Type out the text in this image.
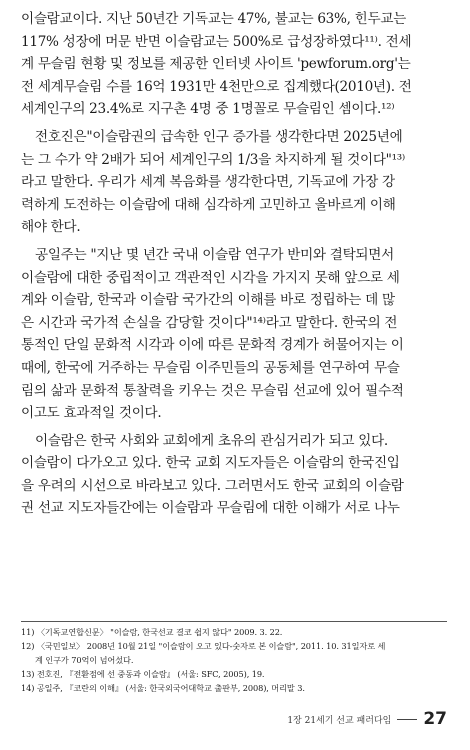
이슬람교이다. 지난 50년간 기독교는 47%, 불교는 63%, 힌두교는
117% 성장에 머문 반면 이슬람교는 500%로 급성장하였다¹¹⁾. 전세
계 무슬림 현황 및 정보를 제공한 인터넷 사이트 'pewforum.org'는
전 세계무슬림 수를 16억 1931만 4천만으로 집계했다(2010년). 전
세계인구의 23.4%로 지구촌 4명 중 1명꼴로 무슬림인 셈이다.¹²⁾
전호진은"이슬람권의 급속한 인구 증가를 생각한다면 2025년에
는 그 수가 약 2배가 되어 세계인구의 1/3을 차지하게 될 것이다"¹³⁾
라고 말한다. 우리가 세계 복음화를 생각한다면, 기독교에 가장 강
력하게 도전하는 이슬람에 대해 심각하게 고민하고 올바르게 이해
해야 한다.
공일주는 "지난 몇 년간 국내 이슬람 연구가 반미와 결탁되면서
이슬람에 대한 중립적이고 객관적인 시각을 가지지 못해 앞으로 세
계와 이슬람, 한국과 이슬람 국가간의 이해를 바로 정립하는 데 많
은 시간과 국가적 손실을 감당할 것이다"¹⁴⁾라고 말한다. 한국의 전
통적인 단일 문화적 시각과 이에 따른 문화적 경계가 허물어지는 이
때에, 한국에 거주하는 무슬림 이주민들의 공동체를 연구하여 무슬
림의 삶과 문화적 통찰력을 키우는 것은 무슬림 선교에 있어 필수적
이고도 효과적일 것이다.
이슬람은 한국 사회와 교회에게 초유의 관심거리가 되고 있다.
이슬람이 다가오고 있다. 한국 교회 지도자들은 이슬람의 한국진입
을 우려의 시선으로 바라보고 있다. 그러면서도 한국 교회의 이슬람
권 선교 지도자들간에는 이슬람과 무슬림에 대한 이해가 서로 나누
11) 〈기독교연합신문〉 "이슬람, 한국선교 결코 쉽지 않다" 2009. 3. 22.
12) 〈국민일보〉 2008년 10월 21일 "이슬람이 오고 있다-숫자로 본 이슬람", 2011. 10. 31일자로 세
계 인구가 70억이 넘어섰다.
13) 전호진, 『전환점에 선 중동과 이슬람』 (서울: SFC, 2005), 19.
14) 공일주, 『코란의 이해』 (서울: 한국외국어대학교 출판부, 2008), 머리말 3.
1장 21세기 선교 패러다임 27
